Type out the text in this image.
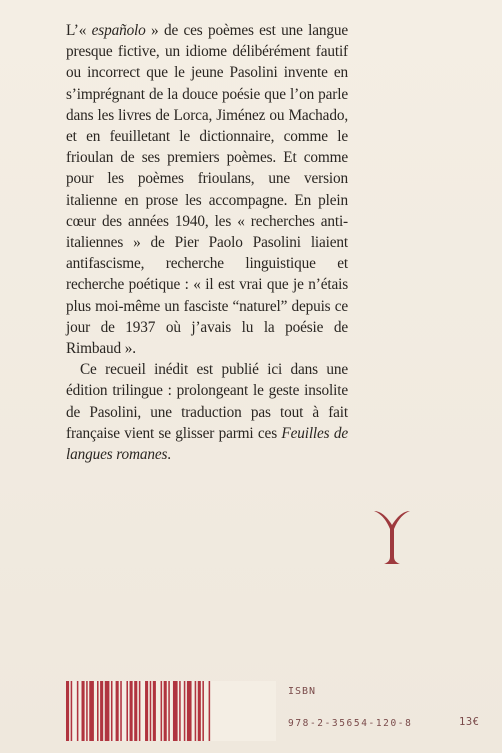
L’« españolo » de ces poèmes est une langue presque fictive, un idiome délibérément fautif ou incorrect que le jeune Pasolini invente en s’imprégnant de la douce poésie que l’on parle dans les livres de Lorca, Jiménez ou Machado, et en feuilletant le dictionnaire, comme le frioulan de ses premiers poèmes. Et comme pour les poèmes frioulans, une version italienne en prose les accompagne. En plein cœur des années 1940, les « recherches anti-italiennes » de Pier Paolo Pasolini liaient antifascisme, recherche linguistique et recherche poétique : « il est vrai que je n’étais plus moi-même un fasciste “naturel” depuis ce jour de 1937 où j’avais lu la poésie de Rimbaud ».

Ce recueil inédit est publié ici dans une édition trilingue : prolongeant le geste insolite de Pasolini, une traduction pas tout à fait française vient se glisser parmi ces Feuilles de langues romanes.

ISBN
978-2-35654-120-8	13€
